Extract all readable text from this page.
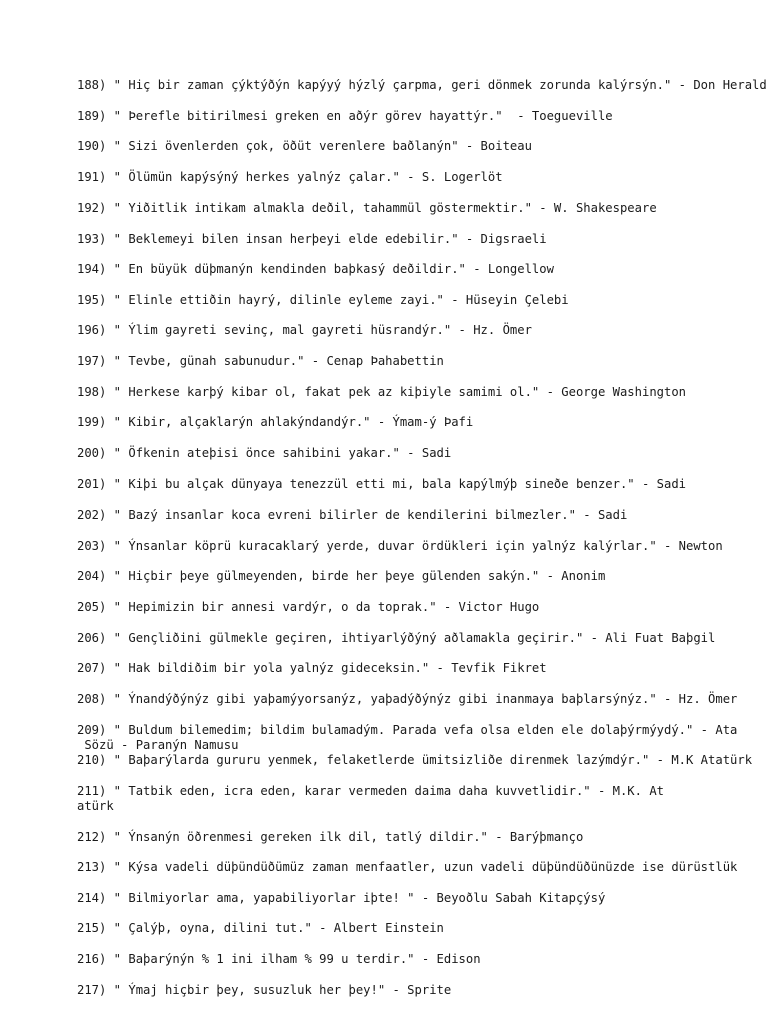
188) " Hiç bir zaman çýktýðýn kapýyý hýzlý çarpma, geri dönmek zorunda kalýrsýn." - Don Herald
189) " Þerefle bitirilmesi greken en aðýr görev hayattýr."  - Toegueville
190) " Sizi övenlerden çok, öðüt verenlere baðlanýn" - Boiteau
191) " Ölümün kapýsýný herkes yalnýz çalar." - S. Logerlöt
192) " Yiðitlik intikam almakla deðil, tahammül göstermektir." - W. Shakespeare
193) " Beklemeyi bilen insan herþeyi elde edebilir." - Digsraeli
194) " En büyük düþmanýn kendinden baþkasý deðildir." - Longellow
195) " Elinle ettiðin hayrý, dilinle eyleme zayi." - Hüseyin Çelebi
196) " Ýlim gayreti sevinç, mal gayreti hüsrandýr." - Hz. Ömer
197) " Tevbe, günah sabunudur." - Cenap Þahabettin
198) " Herkese karþý kibar ol, fakat pek az kiþiyle samimi ol." - George Washington
199) " Kibir, alçaklarýn ahlakýndandýr." - Ýmam-ý Þafi
200) " Öfkenin ateþisi önce sahibini yakar." - Sadi
201) " Kiþi bu alçak dünyaya tenezzül etti mi, bala kapýlmýþ sineðe benzer." - Sadi
202) " Bazý insanlar koca evreni bilirler de kendilerini bilmezler." - Sadi
203) " Ýnsanlar köprü kuracaklarý yerde, duvar ördükleri için yalnýz kalýrlar." - Newton
204) " Hiçbir þeye gülmeyenden, birde her þeye gülenden sakýn." - Anonim
205) " Hepimizin bir annesi vardýr, o da toprak." - Victor Hugo
206) " Gençliðini gülmekle geçiren, ihtiyarlýðýný aðlamakla geçirir." - Ali Fuat Baþgil
207) " Hak bildiðim bir yola yalnýz gideceksin." - Tevfik Fikret
208) " Ýnandýðýnýz gibi yaþamýyorsanýz, yaþadýðýnýz gibi inanmaya baþlarsýnýz." - Hz. Ömer
209) " Buldum bilemedim; bildim bulamadým. Parada vefa olsa elden ele dolaþýrmýydý." - Ata
Sözü - Paranýn Namusu
210) " Baþarýlarda gururu yenmek, felaketlerde ümitsizliðe direnmek lazýmdýr." - M.K Atatürk
211) " Tatbik eden, icra eden, karar vermeden daima daha kuvvetlidir." - M.K. At
atürk
212) " Ýnsanýn öðrenmesi gereken ilk dil, tatlý dildir." - Barýþmanço
213) " Kýsa vadeli düþündüðümüz zaman menfaatler, uzun vadeli düþündüðünüzde ise dürüstlük
214) " Bilmiyorlar ama, yapabiliyorlar iþte! " - Beyoðlu Sabah Kitapçýsý
215) " Çalýþ, oyna, dilini tut." - Albert Einstein
216) " Baþarýnýn % 1 ini ilham % 99 u terdir." - Edison
217) " Ýmaj hiçbir þey, susuzluk her þey!" - Sprite
